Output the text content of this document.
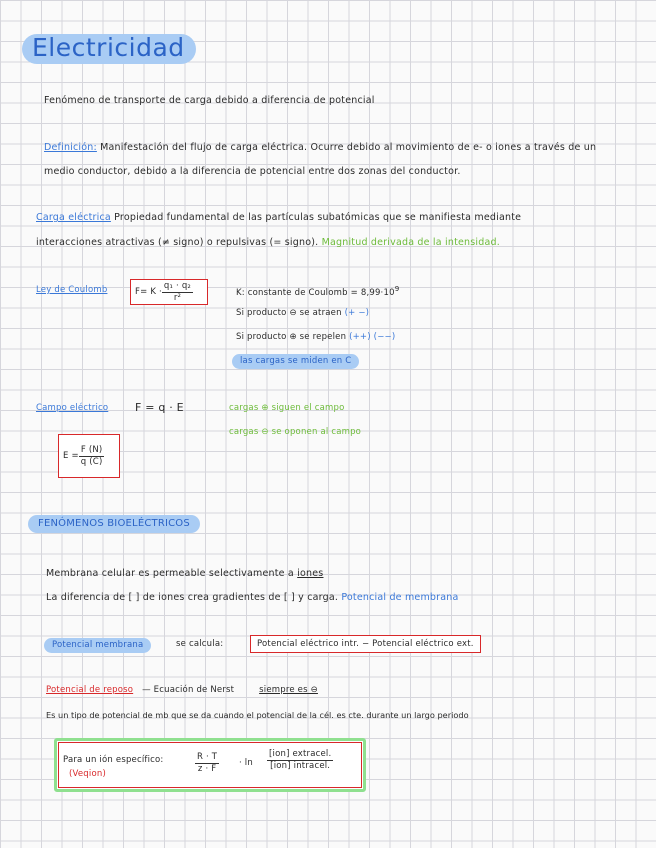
Electricidad
Fenómeno de transporte de carga debido a diferencia de potencial
Definición: Manifestación del flujo de carga eléctrica. Ocurre debido al movimiento de e- o iones a través de un
medio conductor, debido a la diferencia de potencial entre dos zonas del conductor.
Carga eléctrica Propiedad fundamental de las partículas subatómicas que se manifiesta mediante
interacciones atractivas (≠ signo) o repulsivas (= signo). Magnitud derivada de la intensidad.
Ley de Coulomb	$F= K \cdot \frac{\text{q₁ · q₂}}{\text{r²}}$	K: constante de Coulomb = $8,99\cdot 10^9$
Si producto ⊖ se atraen (+ −)
Si producto ⊕ se repelen (++) (−−)
las cargas se miden en C
Campo eléctrico F = q · E	cargas ⊕ siguen el campo
cargas ⊖ se oponen al campo
$E = \frac{F (N)}{q (C)}$
FENÓMENOS BIOELÉCTRICOS
Membrana celular es permeable selectivamente a iones
La diferencia de [ ] de iones crea gradientes de [ ] y carga. Potencial de membrana
Potencial membrana	se calcula:	Potencial eléctrico intr. − Potencial eléctrico ext.
Potencial de reposo — Ecuación de Nerst	siempre es ⊖
Es un tipo de potencial de mb que se da cuando el potencial de la cél. es cte. durante un largo periodo
Para un ión específico:
(Veqion)	$\frac{R \cdot T}{z \cdot F} \cdot \ln \frac{\text{[ion] extracel.}}{\text{[ion] intracel.}}$
